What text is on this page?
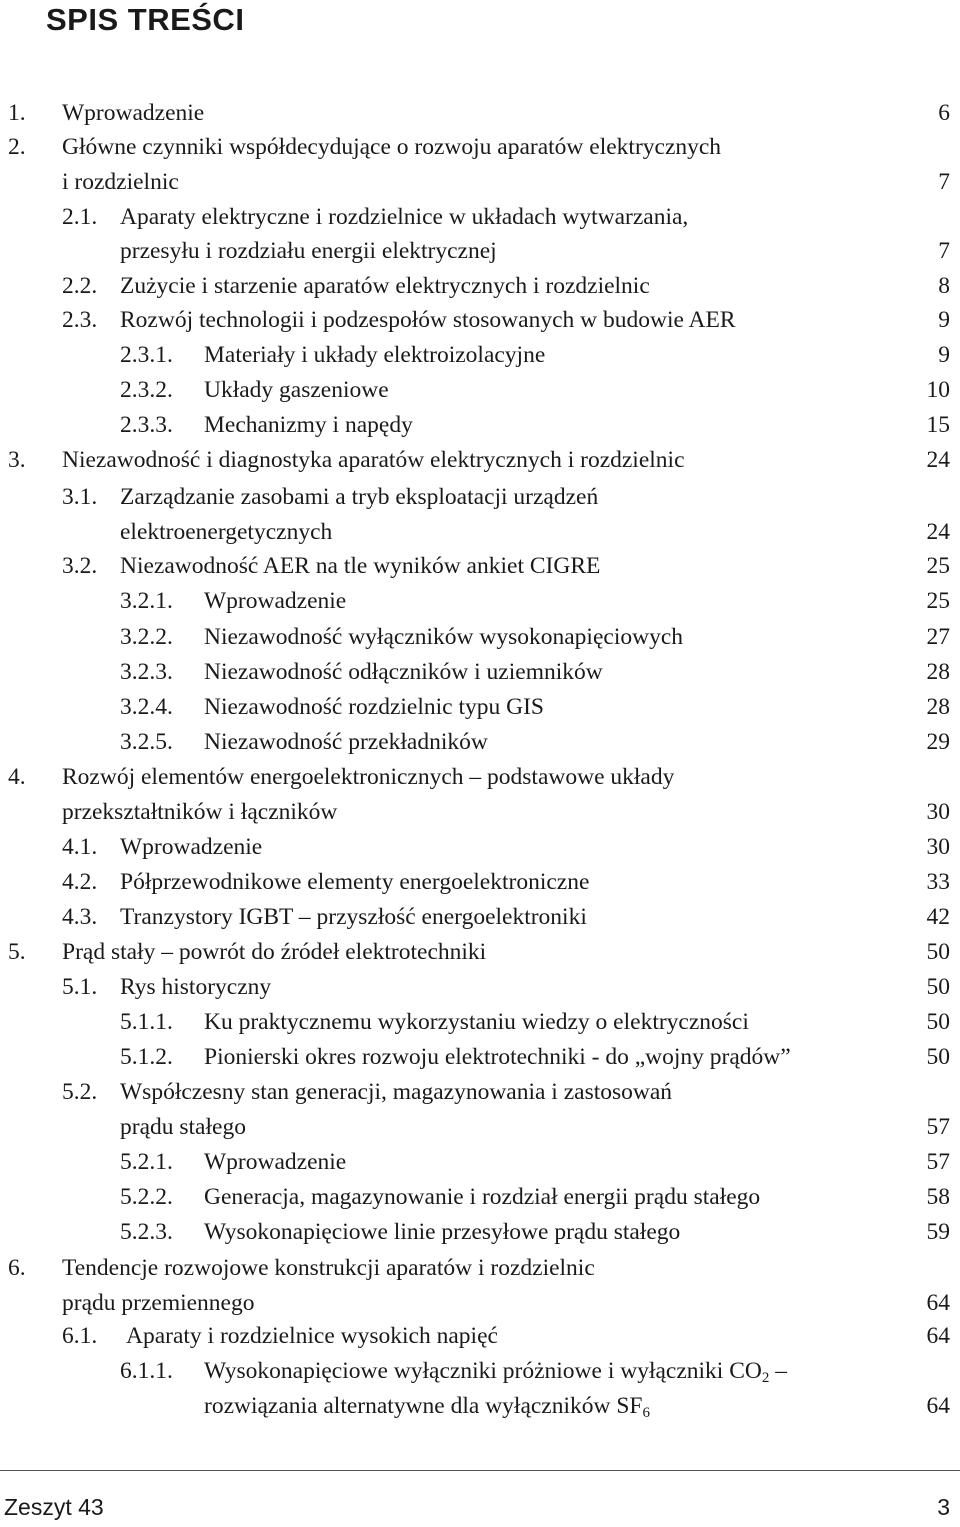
SPIS TREŚCI
1. Wprowadzenie	6
2. Główne czynniki współdecydujące o rozwoju aparatów elektrycznych
i rozdzielnic	7
2.1. Aparaty elektryczne i rozdzielnice w układach wytwarzania,
przesyłu i rozdziału energii elektrycznej	7
2.2. Zużycie i starzenie aparatów elektrycznych i rozdzielnic	8
2.3. Rozwój technologii i podzespołów stosowanych w budowie AER	9
2.3.1. Materiały i układy elektroizolacyjne	9
2.3.2. Układy gaszeniowe	10
2.3.3. Mechanizmy i napędy	15
3. Niezawodność i diagnostyka aparatów elektrycznych i rozdzielnic	24
3.1. Zarządzanie zasobami a tryb eksploatacji urządzeń
elektroenergetycznych	24
3.2. Niezawodność AER na tle wyników ankiet CIGRE	25
3.2.1. Wprowadzenie	25
3.2.2. Niezawodność wyłączników wysokonapięciowych	27
3.2.3. Niezawodność odłączników i uziemników	28
3.2.4. Niezawodność rozdzielnic typu GIS	28
3.2.5. Niezawodność przekładników	29
4. Rozwój elementów energoelektronicznych – podstawowe układy
przekształtników i łączników	30
4.1. Wprowadzenie	30
4.2. Półprzewodnikowe elementy energoelektroniczne	33
4.3. Tranzystory IGBT – przyszłość energoelektroniki	42
5. Prąd stały – powrót do źródeł elektrotechniki	50
5.1. Rys historyczny	50
5.1.1. Ku praktycznemu wykorzystaniu wiedzy o elektryczności	50
5.1.2. Pionierski okres rozwoju elektrotechniki - do „wojny prądów”	50
5.2. Współczesny stan generacji, magazynowania i zastosowań
prądu stałego	57
5.2.1. Wprowadzenie	57
5.2.2. Generacja, magazynowanie i rozdział energii prądu stałego	58
5.2.3. Wysokonapięciowe linie przesyłowe prądu stałego	59
6. Tendencje rozwojowe konstrukcji aparatów i rozdzielnic
prądu przemiennego	64
6.1. Aparaty i rozdzielnice wysokich napięć	64
6.1.1. Wysokonapięciowe wyłączniki próżniowe i wyłączniki $CO_2$ –
rozwiązania alternatywne dla wyłączników $SF_6$	64
Zeszyt 43	3
